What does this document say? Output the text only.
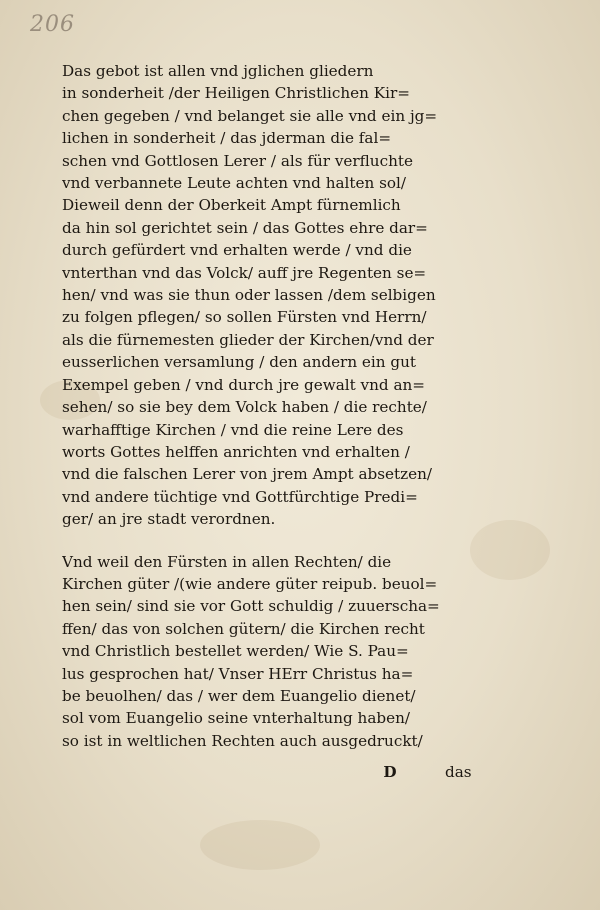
206
Das gebot ist allen vnd jglichen gliedern
in sonderheit /der Heiligen Christlichen Kir=
chen gegeben / vnd belanget sie alle vnd ein jg=
lichen in sonderheit / das jderman die fal=
schen vnd Gottlosen Lerer / als für verfluchte
vnd verbannete Leute achten vnd halten sol/
Dieweil denn der Oberkeit Ampt fürnemlich
da hin sol gerichtet sein / das Gottes ehre dar=
durch gefürdert vnd erhalten werde / vnd die
vnterthan vnd das Volck/ auff jre Regenten se=
hen/ vnd was sie thun oder lassen /dem selbigen
zu folgen pflegen/ so sollen Fürsten vnd Herrn/
als die fürnemesten glieder der Kirchen/vnd der
eusserlichen versamlung / den andern ein gut
Exempel geben / vnd durch jre gewalt vnd an=
sehen/ so sie bey dem Volck haben / die rechte/
warhafftige Kirchen / vnd die reine Lere des
worts Gottes helffen anrichten vnd erhalten /
vnd die falschen Lerer von jrem Ampt absetzen/
vnd andere tüchtige vnd Gottfürchtige Predi=
ger/ an jre stadt verordnen.
Vnd weil den Fürsten in allen Rechten/ die
Kirchen güter /(wie andere güter reipub. beuol=
hen sein/ sind sie vor Gott schuldig / zuuerscha=
ffen/ das von solchen gütern/ die Kirchen recht
vnd Christlich bestellet werden/ Wie S. Pau=
lus gesprochen hat/ Vnser HErr Christus ha=
be beuolhen/ das / wer dem Euangelio dienet/
sol vom Euangelio seine vnterhaltung haben/
so ist in weltlichen Rechten auch ausgedruckt/
D	das
